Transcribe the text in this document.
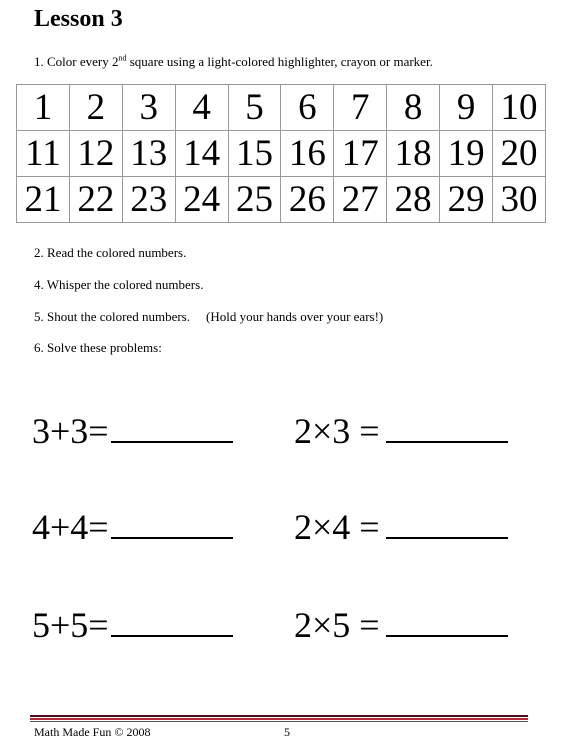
Lesson 3
1. Color every 2nd square using a light-colored highlighter, crayon or marker.
1	2	3	4	5	6	7	8	9	10
11	12	13	14	15	16	17	18	19	20
21	22	23	24	25	26	27	28	29	30
2. Read the colored numbers.
4. Whisper the colored numbers.
5. Shout the colored numbers. (Hold your hands over your ears!)
6. Solve these problems:
3+3=	2×3 =
4+4=	2×4 =
5+5=	2×5 =
Math Made Fun © 2008	5
